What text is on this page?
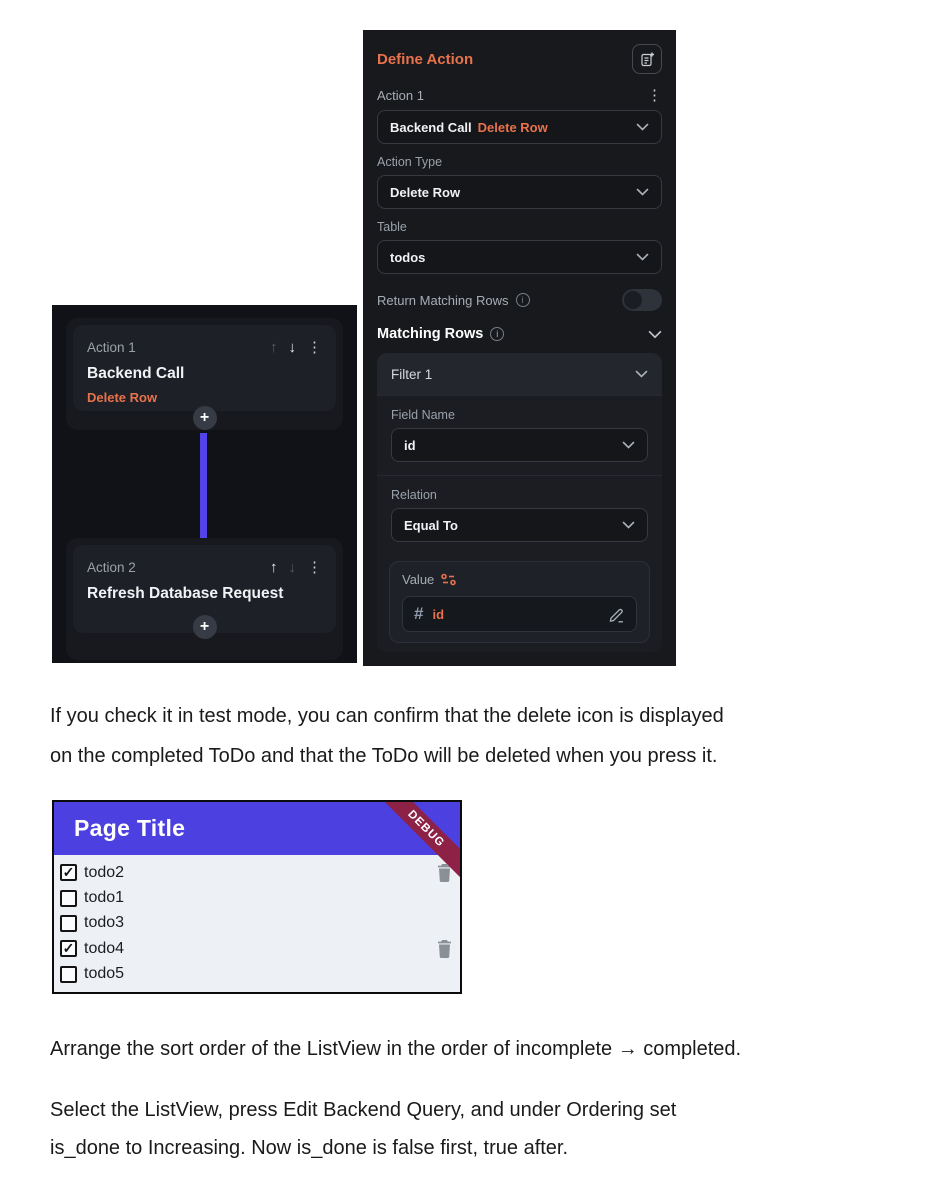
Action 1	↑ ↓ ⋮
Backend Call
Delete Row
+
Action 2	↑ ↓ ⋮
Refresh Database Request
+
Define Action
Action 1	⋮
Backend Call Delete Row
Action Type
Delete Row
Table
todos
Return Matching Rows
i
Matching Rows
i
Filter 1
Field Name
id
Relation
Equal To
Value
# id
If you check it in test mode, you can confirm that the delete icon is displayed
on the completed ToDo and that the ToDo will be deleted when you press it.
DEBUG
Page Title
✓
todo2
todo1
todo3
✓
todo4
todo5
Arrange the sort order of the ListView in the order of incomplete → completed.
Select the ListView, press Edit Backend Query, and under Ordering set
is_done to Increasing. Now is_done is false first, true after.
